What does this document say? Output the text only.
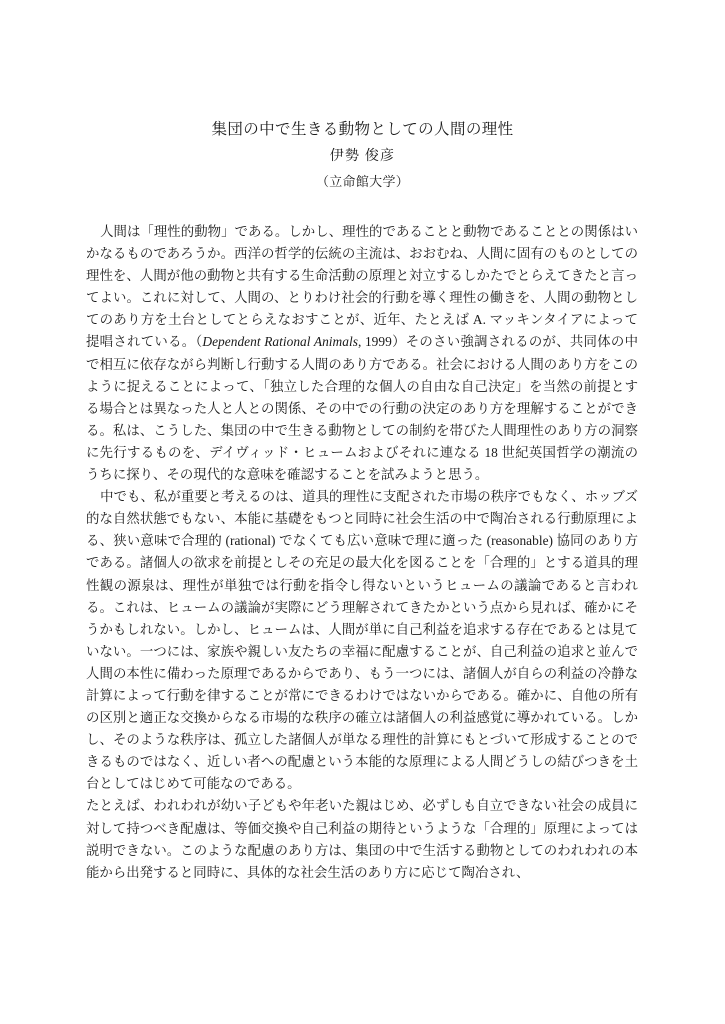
集団の中で生きる動物としての人間の理性
伊勢 俊彦
（立命館大学）

人間は「理性的動物」である。しかし、理性的であることと動物であることとの関係はいかなるものであろうか。西洋の哲学的伝統の主流は、おおむね、人間に固有のものとしての理性を、人間が他の動物と共有する生命活動の原理と対立するしかたでとらえてきたと言ってよい。これに対して、人間の、とりわけ社会的行動を導く理性の働きを、人間の動物としてのあり方を土台としてとらえなおすことが、近年、たとえば A. マッキンタイアによって提唱されている。（Dependent Rational Animals, 1999）そのさい強調されるのが、共同体の中で相互に依存ながら判断し行動する人間のあり方である。社会における人間のあり方をこのように捉えることによって、「独立した合理的な個人の自由な自己決定」を当然の前提とする場合とは異なった人と人との関係、その中での行動の決定のあり方を理解することができる。私は、こうした、集団の中で生きる動物としての制約を帯びた人間理性のあり方の洞察に先行するものを、デイヴィッド・ヒュームおよびそれに連なる 18 世紀英国哲学の潮流のうちに探り、その現代的な意味を確認することを試みようと思う。

中でも、私が重要と考えるのは、道具的理性に支配された市場の秩序でもなく、ホッブズ的な自然状態でもない、本能に基礎をもつと同時に社会生活の中で陶冶される行動原理による、狭い意味で合理的 (rational) でなくても広い意味で理に適った (reasonable) 協同のあり方である。諸個人の欲求を前提としその充足の最大化を図ることを「合理的」とする道具的理性観の源泉は、理性が単独では行動を指令し得ないというヒュームの議論であると言われる。これは、ヒュームの議論が実際にどう理解されてきたかという点から見れば、確かにそうかもしれない。しかし、ヒュームは、人間が単に自己利益を追求する存在であるとは見ていない。一つには、家族や親しい友たちの幸福に配慮することが、自己利益の追求と並んで人間の本性に備わった原理であるからであり、もう一つには、諸個人が自らの利益の冷静な計算によって行動を律することが常にできるわけではないからである。確かに、自他の所有の区別と適正な交換からなる市場的な秩序の確立は諸個人の利益感覚に導かれている。しかし、そのような秩序は、孤立した諸個人が単なる理性的計算にもとづいて形成することのできるものではなく、近しい者への配慮という本能的な原理による人間どうしの結びつきを土台としてはじめて可能なのである。

たとえば、われわれが幼い子どもや年老いた親はじめ、必ずしも自立できない社会の成員に対して持つべき配慮は、等価交換や自己利益の期待というような「合理的」原理によっては説明できない。このような配慮のあり方は、集団の中で生活する動物としてのわれわれの本能から出発すると同時に、具体的な社会生活のあり方に応じて陶冶され、
